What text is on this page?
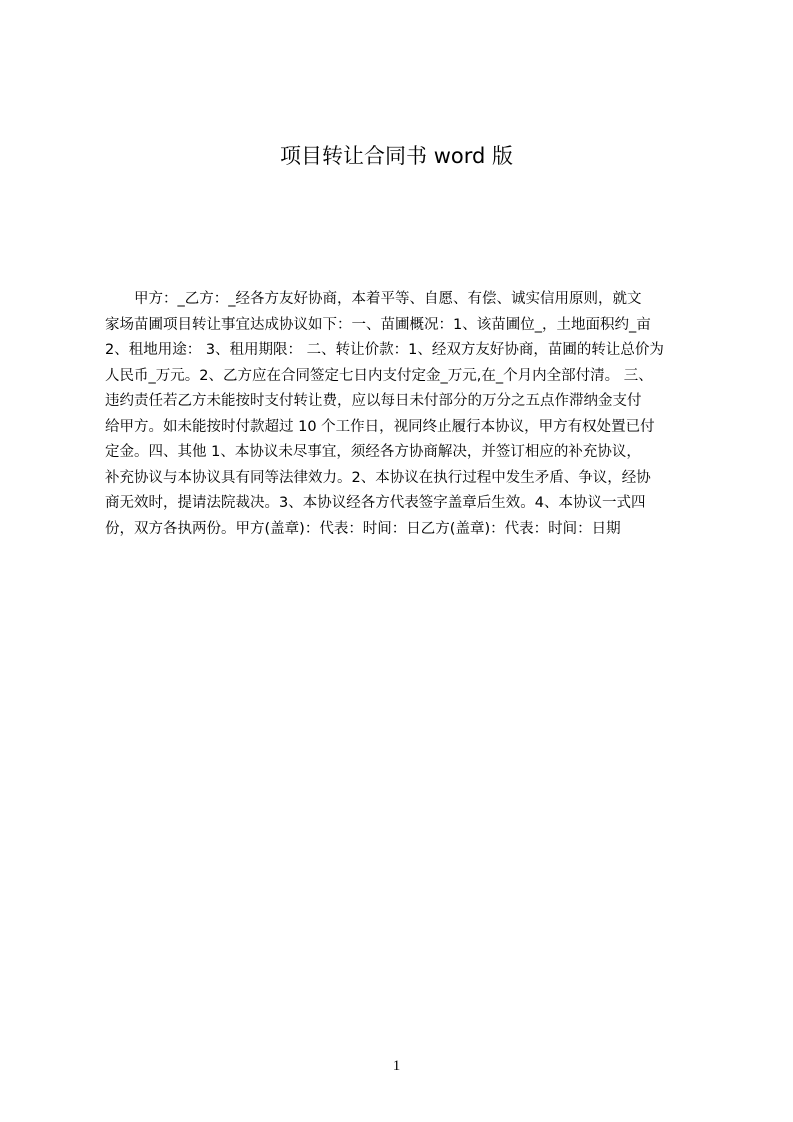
项目转让合同书 word 版
　　甲方：_乙方：_经各方友好协商，本着平等、自愿、有偿、诚实信用原则，就文
家场苗圃项目转让事宜达成协议如下：一、苗圃概况：1、该苗圃位_，土地面积约_亩
2、租地用途： 3、租用期限： 二、转让价款：1、经双方友好协商，苗圃的转让总价为
人民币_万元。2、乙方应在合同签定七日内支付定金_万元,在_个月内全部付清。 三、
违约责任若乙方未能按时支付转让费，应以每日未付部分的万分之五点作滞纳金支付
给甲方。如未能按时付款超过 10 个工作日，视同终止履行本协议，甲方有权处置已付
定金。四、其他 1、本协议未尽事宜，须经各方协商解决，并签订相应的补充协议，
补充协议与本协议具有同等法律效力。2、本协议在执行过程中发生矛盾、争议，经协
商无效时，提请法院裁决。3、本协议经各方代表签字盖章后生效。4、本协议一式四
份，双方各执两份。甲方(盖章)：代表：时间：日乙方(盖章)：代表：时间：日期
1
